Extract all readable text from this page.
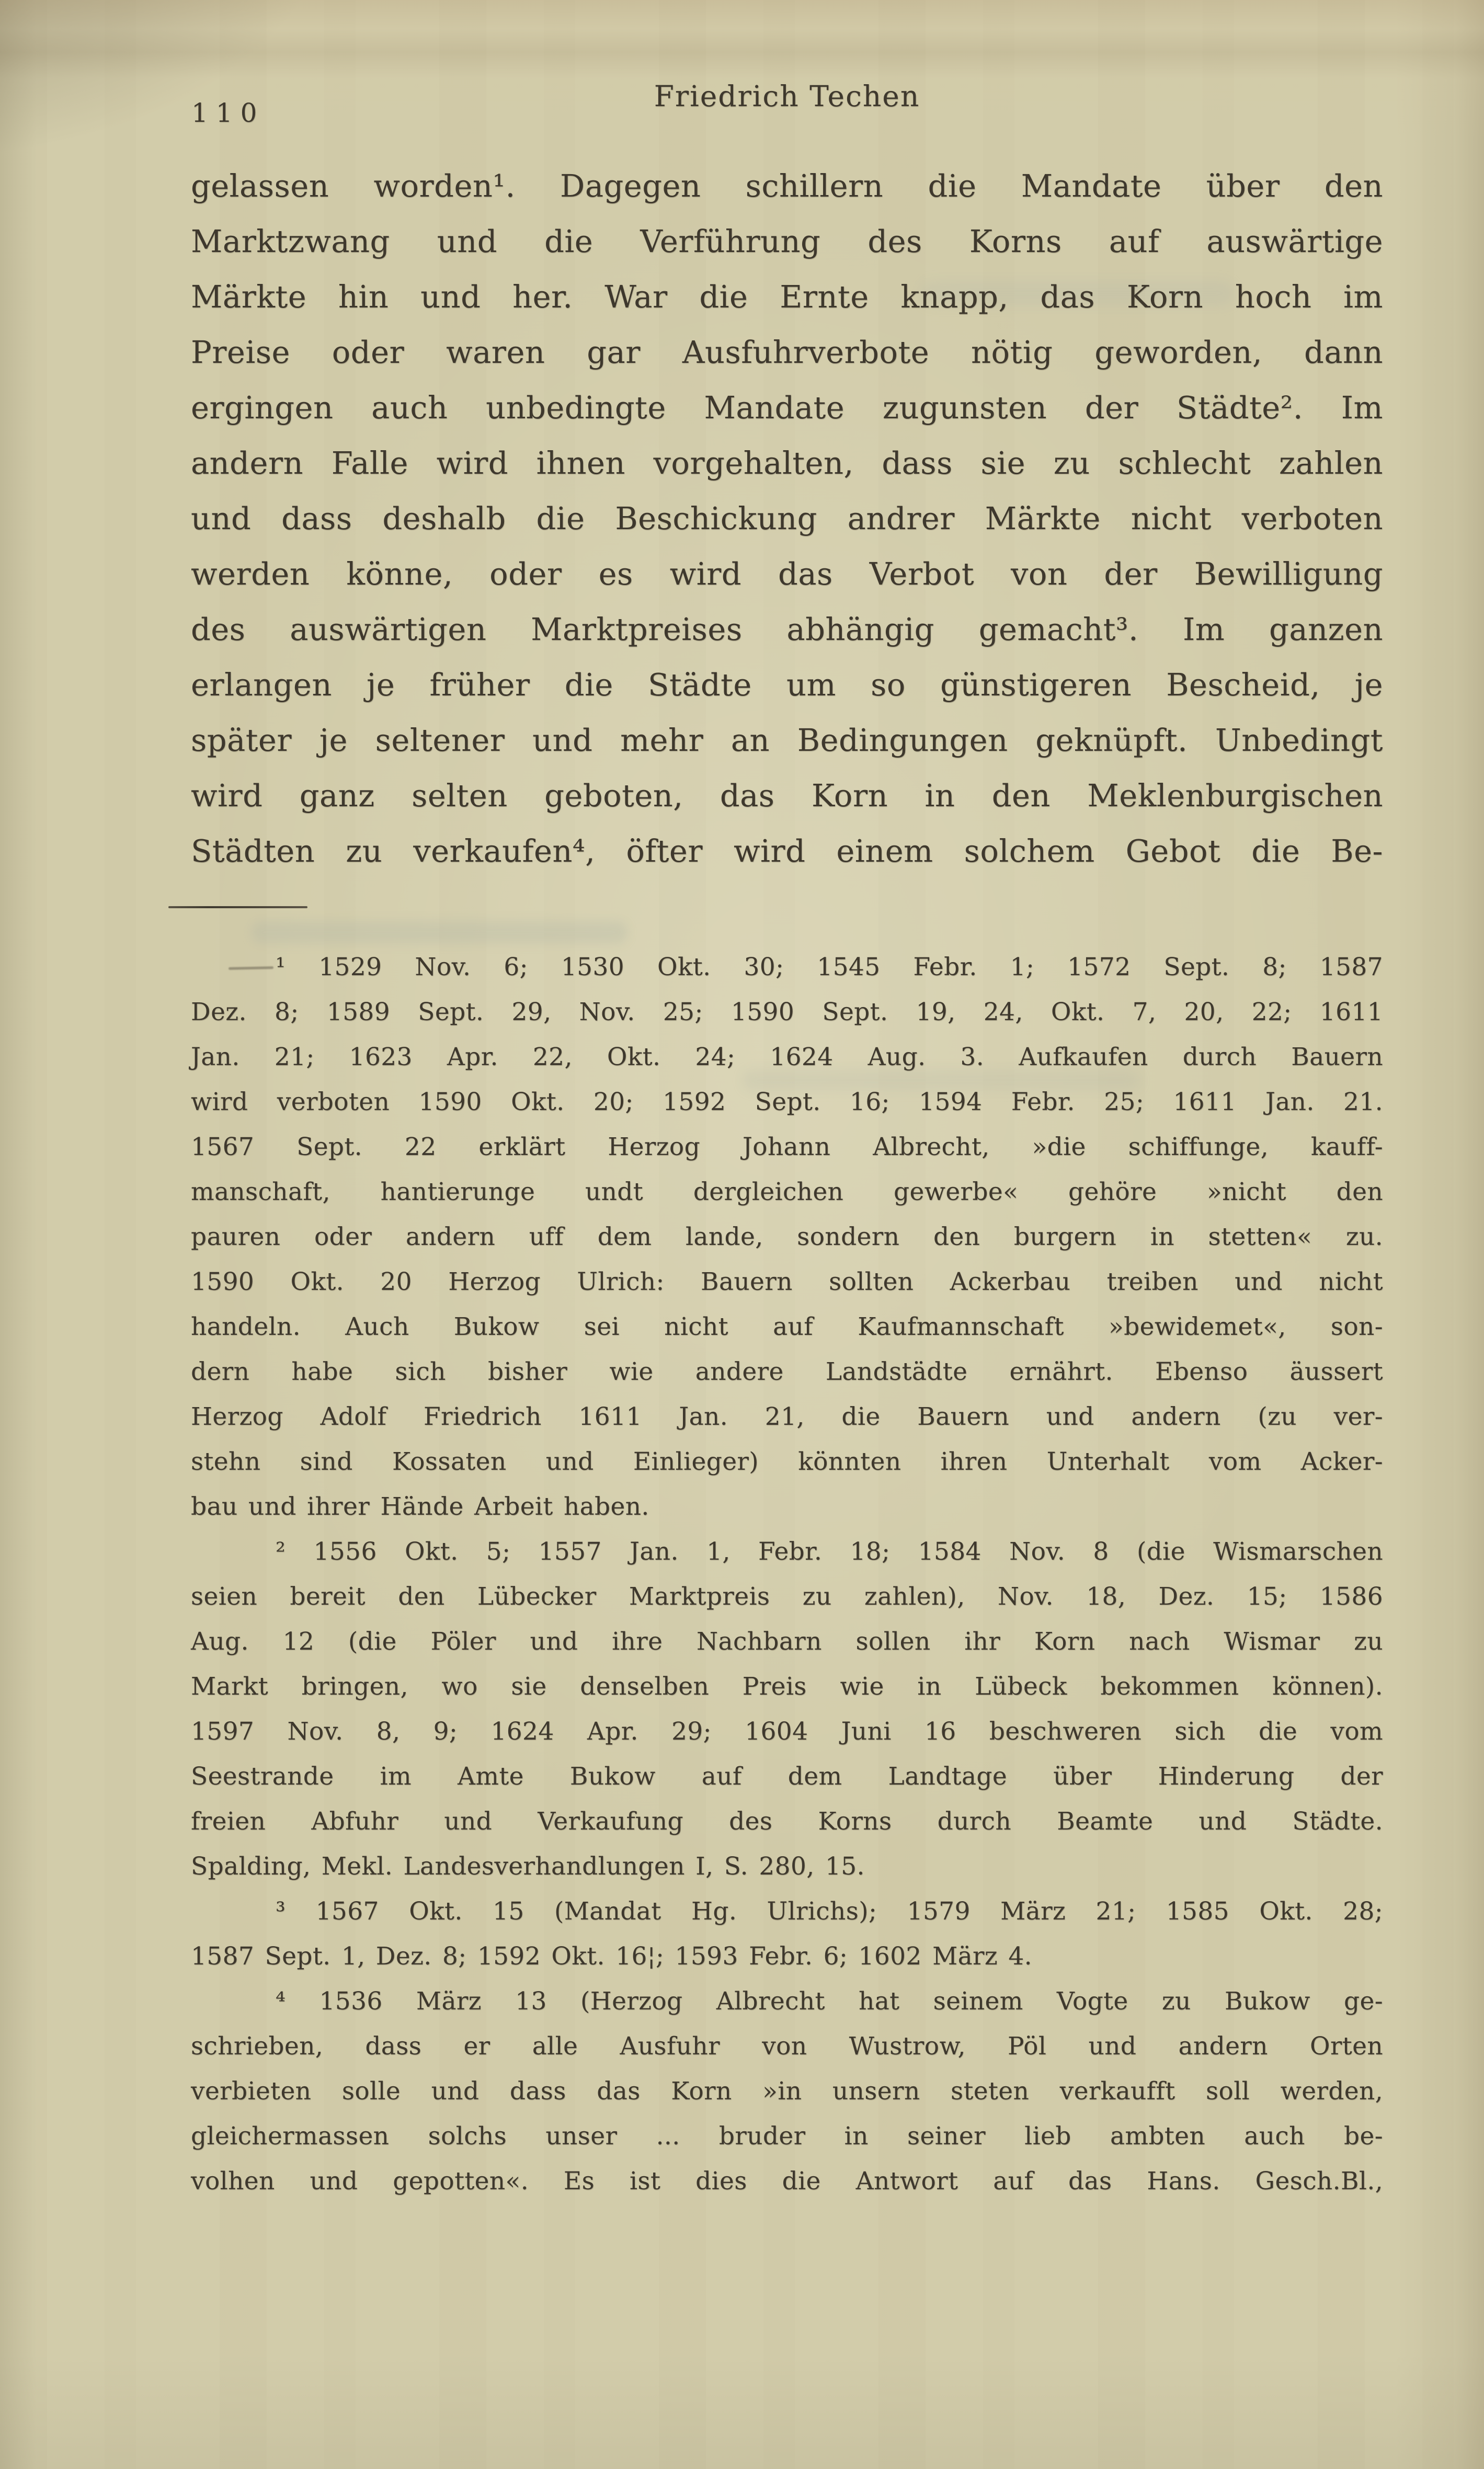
110	Friedrich Techen
gelassen worden¹. Dagegen schillern die Mandate über den
Marktzwang und die Verführung des Korns auf auswärtige
Märkte hin und her. War die Ernte knapp, das Korn hoch im
Preise oder waren gar Ausfuhrverbote nötig geworden, dann
ergingen auch unbedingte Mandate zugunsten der Städte². Im
andern Falle wird ihnen vorgehalten, dass sie zu schlecht zahlen
und dass deshalb die Beschickung andrer Märkte nicht verboten
werden könne, oder es wird das Verbot von der Bewilligung
des auswärtigen Marktpreises abhängig gemacht³. Im ganzen
erlangen je früher die Städte um so günstigeren Bescheid, je
später je seltener und mehr an Bedingungen geknüpft. Unbedingt
wird ganz selten geboten, das Korn in den Meklenburgischen
Städten zu verkaufen⁴, öfter wird einem solchem Gebot die Be-
¹ 1529 Nov. 6; 1530 Okt. 30; 1545 Febr. 1; 1572 Sept. 8; 1587
Dez. 8; 1589 Sept. 29, Nov. 25; 1590 Sept. 19, 24, Okt. 7, 20, 22; 1611
Jan. 21; 1623 Apr. 22, Okt. 24; 1624 Aug. 3. Aufkaufen durch Bauern
wird verboten 1590 Okt. 20; 1592 Sept. 16; 1594 Febr. 25; 1611 Jan. 21.
1567 Sept. 22 erklärt Herzog Johann Albrecht, »die schiffunge, kauff-
manschaft, hantierunge undt dergleichen gewerbe« gehöre »nicht den
pauren oder andern uff dem lande, sondern den burgern in stetten« zu.
1590 Okt. 20 Herzog Ulrich: Bauern sollten Ackerbau treiben und nicht
handeln. Auch Bukow sei nicht auf Kaufmannschaft »bewidemet«, son-
dern habe sich bisher wie andere Landstädte ernährt. Ebenso äussert
Herzog Adolf Friedrich 1611 Jan. 21, die Bauern und andern (zu ver-
stehn sind Kossaten und Einlieger) könnten ihren Unterhalt vom Acker-
bau und ihrer Hände Arbeit haben.
² 1556 Okt. 5; 1557 Jan. 1, Febr. 18; 1584 Nov. 8 (die Wismarschen
seien bereit den Lübecker Marktpreis zu zahlen), Nov. 18, Dez. 15; 1586
Aug. 12 (die Pöler und ihre Nachbarn sollen ihr Korn nach Wismar zu
Markt bringen, wo sie denselben Preis wie in Lübeck bekommen können).
1597 Nov. 8, 9; 1624 Apr. 29; 1604 Juni 16 beschweren sich die vom
Seestrande im Amte Bukow auf dem Landtage über Hinderung der
freien Abfuhr und Verkaufung des Korns durch Beamte und Städte.
Spalding, Mekl. Landesverhandlungen I, S. 280, 15.
³ 1567 Okt. 15 (Mandat Hg. Ulrichs); 1579 März 21; 1585 Okt. 28;
1587 Sept. 1, Dez. 8; 1592 Okt. 16¦; 1593 Febr. 6; 1602 März 4.
⁴ 1536 März 13 (Herzog Albrecht hat seinem Vogte zu Bukow ge-
schrieben, dass er alle Ausfuhr von Wustrow, Pöl und andern Orten
verbieten solle und dass das Korn »in unsern steten verkaufft soll werden,
gleichermassen solchs unser ... bruder in seiner lieb ambten auch be-
volhen und gepotten«. Es ist dies die Antwort auf das Hans. Gesch.Bl.,
